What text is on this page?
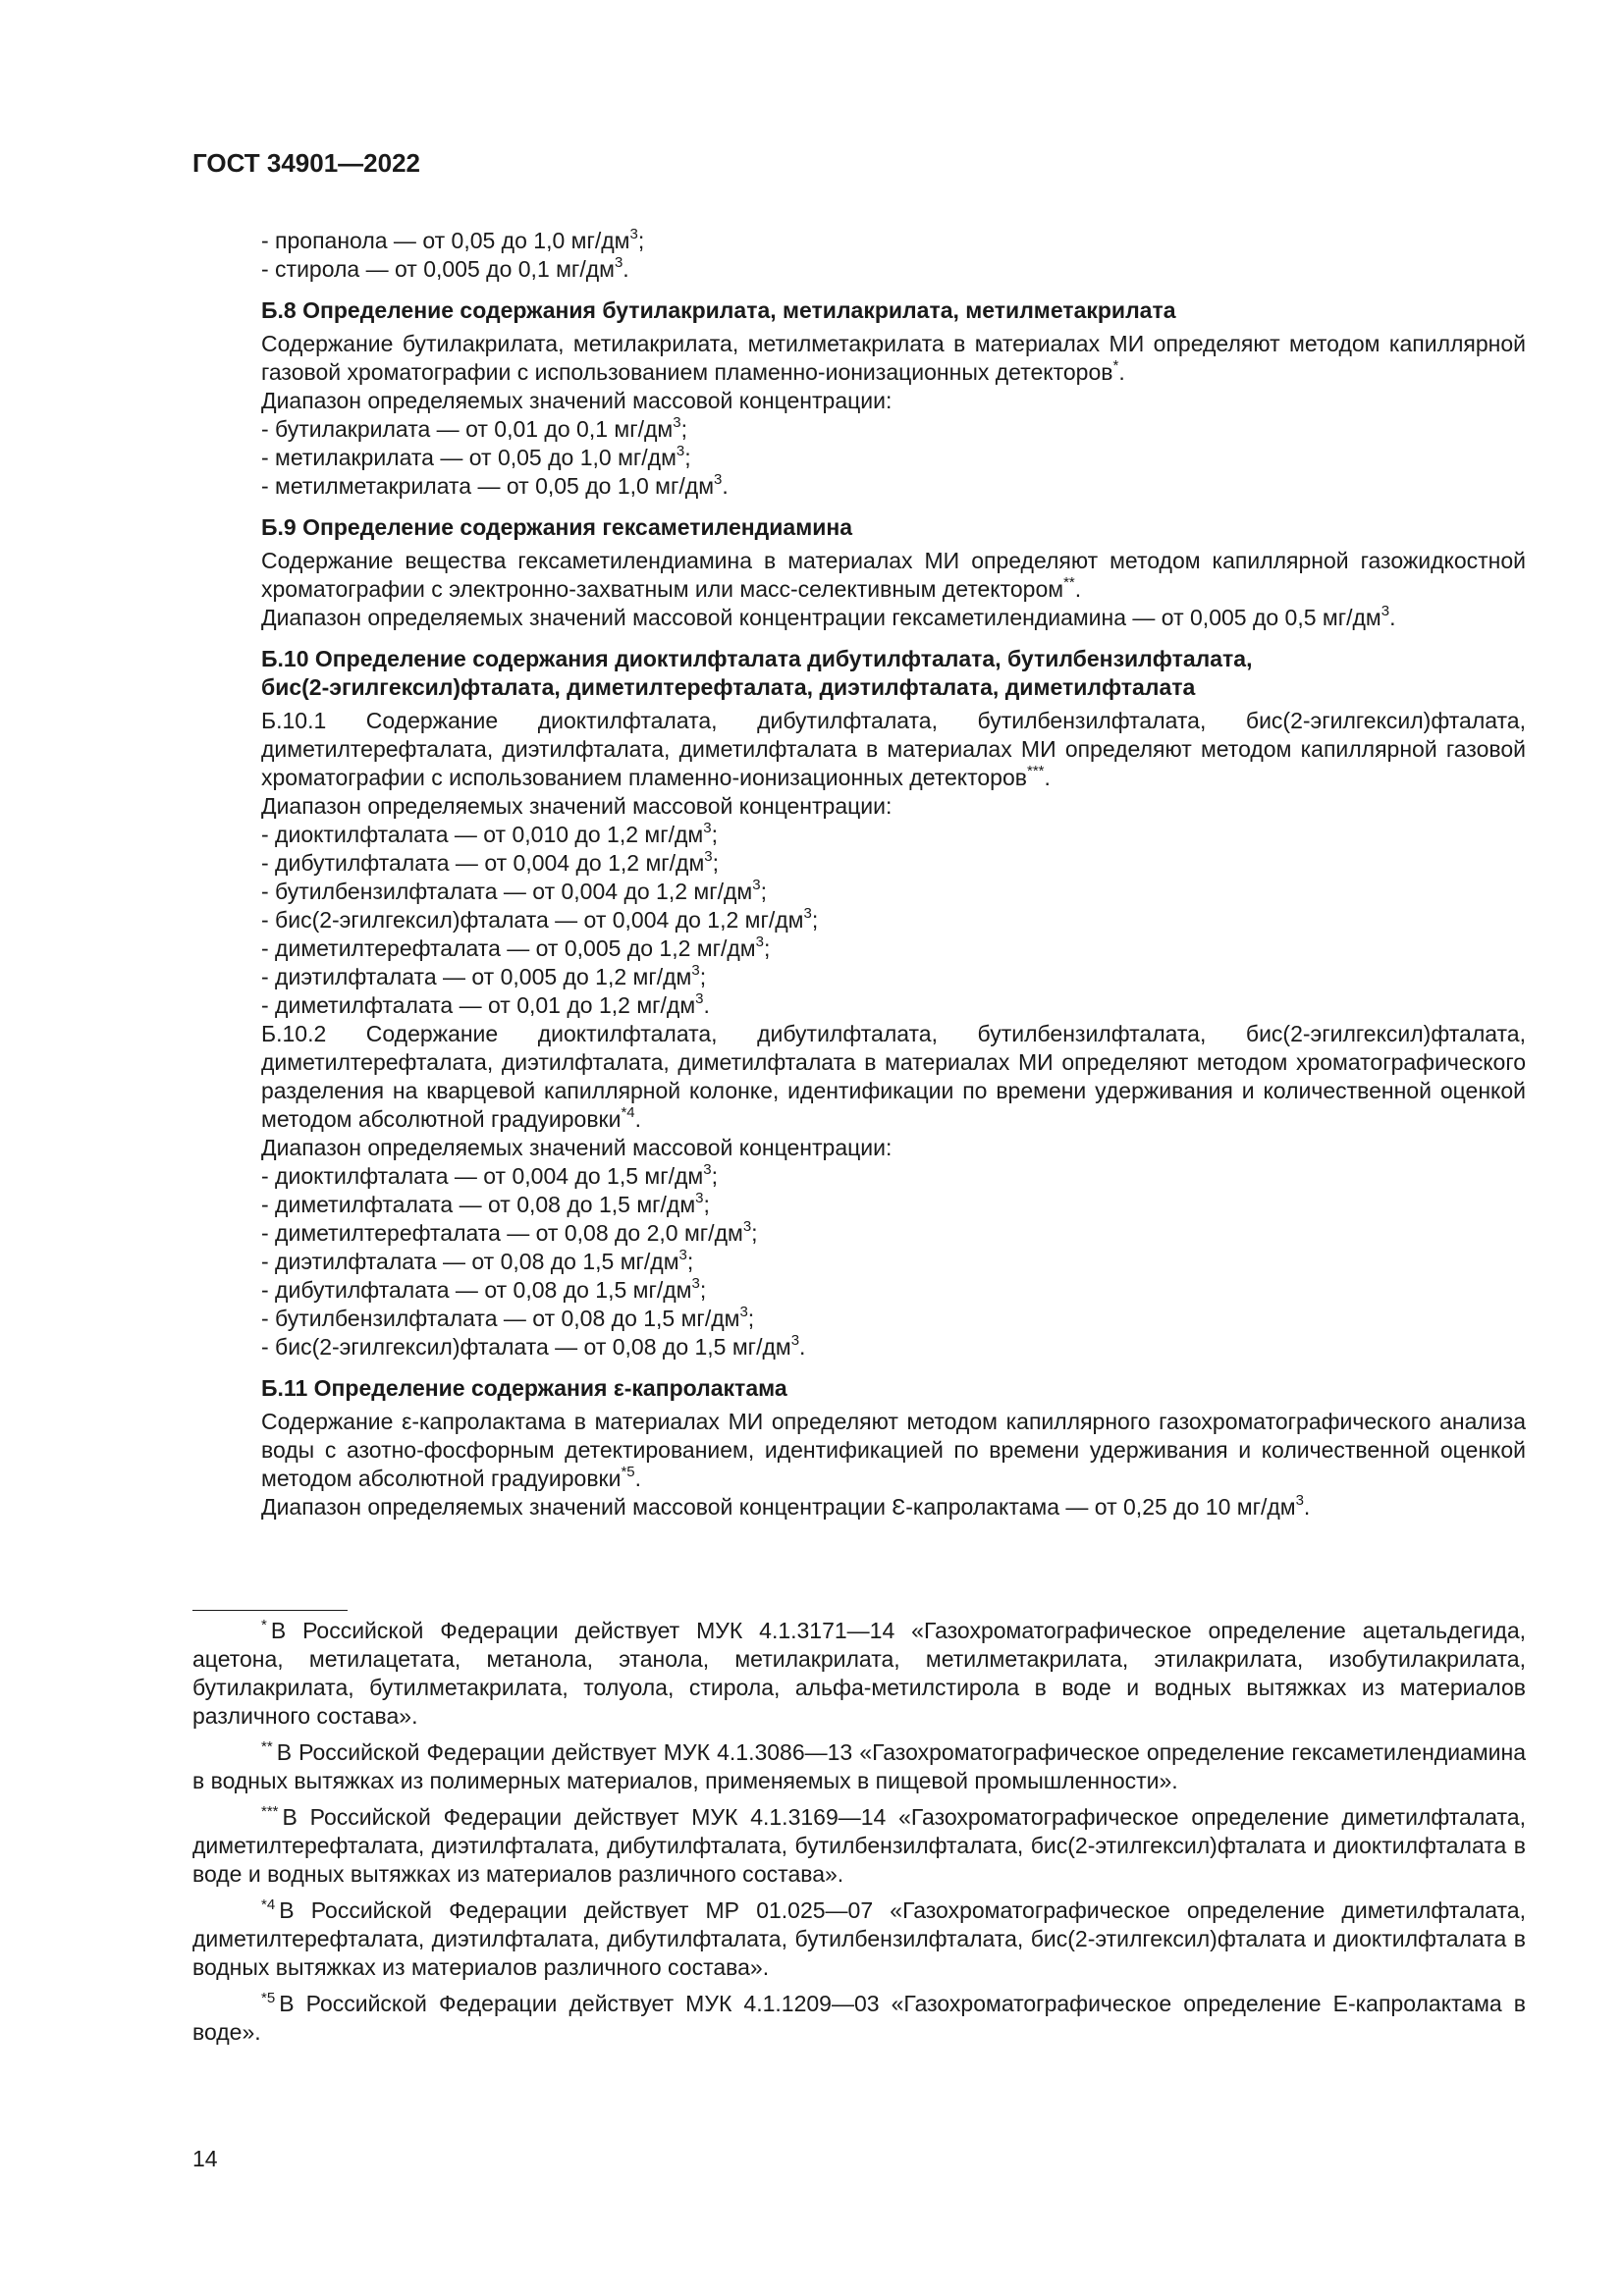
ГОСТ 34901—2022
- пропанола — от 0,05 до 1,0 $мг/дм^3$;
- стирола — от 0,005 до 0,1 $мг/дм^3$.
Б.8 Определение содержания бутилакрилата, метилакрилата, метилметакрилата

Содержание бутилакрилата, метилакрилата, метилметакрилата в материалах МИ определяют методом капиллярной газовой хроматографии с использованием пламенно-ионизационных детекторов*.

Диапазон определяемых значений массовой концентрации:
- бутилакрилата — от 0,01 до 0,1 $мг/дм^3$;
- метилакрилата — от 0,05 до 1,0 $мг/дм^3$;
- метилметакрилата — от 0,05 до 1,0 $мг/дм^3$.
Б.9 Определение содержания гексаметилендиамина

Содержание вещества гексаметилендиамина в материалах МИ определяют методом капиллярной газожидкостной хроматографии с электронно-захватным или масс-селективным детектором**.

Диапазон определяемых значений массовой концентрации гексаметилендиамина — от 0,005 до 0,5 $мг/дм^3$.
Б.10 Определение содержания диоктилфталата дибутилфталата, бутилбензилфталата,
бис(2-эгилгексил)фталата, диметилтерефталата, диэтилфталата, диметилфталата

Б.10.1 Содержание диоктилфталата, дибутилфталата, бутилбензилфталата, бис(2-эгилгексил)фталата, диметилтерефталата, диэтилфталата, диметилфталата в материалах МИ определяют методом капиллярной газовой хроматографии с использованием пламенно-ионизационных детекторов***.

Диапазон определяемых значений массовой концентрации:
- диоктилфталата — от 0,010 до 1,2 $мг/дм^3$;
- дибутилфталата — от 0,004 до 1,2 $мг/дм^3$;
- бутилбензилфталата — от 0,004 до 1,2 $мг/дм^3$;
- бис(2-эгилгексил)фталата — от 0,004 до 1,2 $мг/дм^3$;
- диметилтерефталата — от 0,005 до 1,2 $мг/дм^3$;
- диэтилфталата — от 0,005 до 1,2 $мг/дм^3$;
- диметилфталата — от 0,01 до 1,2 $мг/дм^3$.

Б.10.2 Содержание диоктилфталата, дибутилфталата, бутилбензилфталата, бис(2-эгилгексил)фталата, диметилтерефталата, диэтилфталата, диметилфталата в материалах МИ определяют методом хроматографического разделения на кварцевой капиллярной колонке, идентификации по времени удерживания и количественной оценкой методом абсолютной градуировки$^{*4}$.

Диапазон определяемых значений массовой концентрации:
- диоктилфталата — от 0,004 до 1,5 $мг/дм^3$;
- диметилфталата — от 0,08 до 1,5 $мг/дм^3$;
- диметилтерефталата — от 0,08 до 2,0 $мг/дм^3$;
- диэтилфталата — от 0,08 до 1,5 $мг/дм^3$;
- дибутилфталата — от 0,08 до 1,5 $мг/дм^3$;
- бутилбензилфталата — от 0,08 до 1,5 $мг/дм^3$;
- бис(2-эгилгексил)фталата — от 0,08 до 1,5 $мг/дм^3$.
Б.11 Определение содержания ε-капролактама

Содержание ε-капролактама в материалах МИ определяют методом капиллярного газохроматографического анализа воды с азотно-фосфорным детектированием, идентификацией по времени удерживания и количественной оценкой методом абсолютной градуировки$^{*5}$.

Диапазон определяемых значений массовой концентрации Ɛ-капролактама — от 0,25 до 10 $мг/дм^3$.

* В Российской Федерации действует МУК 4.1.3171—14 «Газохроматографическое определение ацетальдегида, ацетона, метилацетата, метанола, этанола, метилакрилата, метилметакрилата, этилакрилата, изобутилакрилата, бутилакрилата, бутилметакрилата, толуола, стирола, альфа-метилстирола в воде и водных вытяжках из материалов различного состава».

** В Российской Федерации действует МУК 4.1.3086—13 «Газохроматографическое определение гексаметилендиамина в водных вытяжках из полимерных материалов, применяемых в пищевой промышленности».

*** В Российской Федерации действует МУК 4.1.3169—14 «Газохроматографическое определение диметилфталата, диметилтерефталата, диэтилфталата, дибутилфталата, бутилбензилфталата, бис(2-этилгексил)фталата и диоктилфталата в воде и водных вытяжках из материалов различного состава».

$^{*4}$ В Российской Федерации действует МР 01.025—07 «Газохроматографическое определение диметилфталата, диметилтерефталата, диэтилфталата, дибутилфталата, бутилбензилфталата, бис(2-этилгексил)фталата и диоктилфталата в водных вытяжках из материалов различного состава».

$^{*5}$ В Российской Федерации действует МУК 4.1.1209—03 «Газохроматографическое определение Е-капролактама в воде».

14
